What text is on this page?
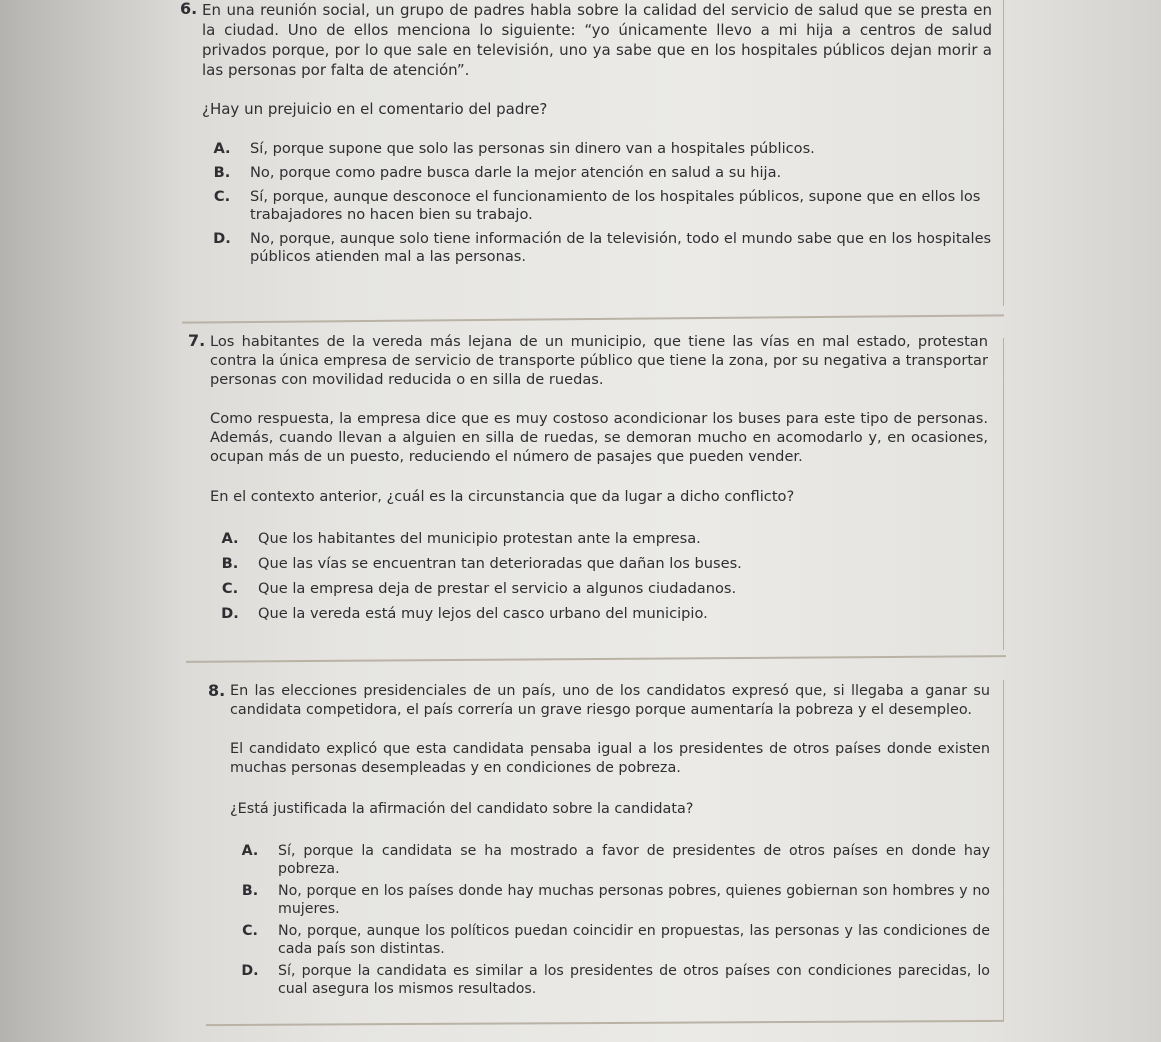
6. En una reunión social, un grupo de padres habla sobre la calidad del servicio de salud que se presta en la ciudad. Uno de ellos menciona lo siguiente: “yo únicamente llevo a mi hija a centros de salud privados porque, por lo que sale en televisión, uno ya sabe que en los hospitales públicos dejan morir a las personas por falta de atención”.
¿Hay un prejuicio en el comentario del padre?
A.	Sí, porque supone que solo las personas sin dinero van a hospitales públicos.
B.	No, porque como padre busca darle la mejor atención en salud a su hija.
C.	Sí, porque, aunque desconoce el funcionamiento de los hospitales públicos, supone que en ellos los trabajadores no hacen bien su trabajo.
D.	No, porque, aunque solo tiene información de la televisión, todo el mundo sabe que en los hospitales públicos atienden mal a las personas.
7. Los habitantes de la vereda más lejana de un municipio, que tiene las vías en mal estado, protestan contra la única empresa de servicio de transporte público que tiene la zona, por su negativa a transportar personas con movilidad reducida o en silla de ruedas.
Como respuesta, la empresa dice que es muy costoso acondicionar los buses para este tipo de personas. Además, cuando llevan a alguien en silla de ruedas, se demoran mucho en acomodarlo y, en ocasiones, ocupan más de un puesto, reduciendo el número de pasajes que pueden vender.
En el contexto anterior, ¿cuál es la circunstancia que da lugar a dicho conflicto?
A.	Que los habitantes del municipio protestan ante la empresa.
B.	Que las vías se encuentran tan deterioradas que dañan los buses.
C.	Que la empresa deja de prestar el servicio a algunos ciudadanos.
D.	Que la vereda está muy lejos del casco urbano del municipio.
8. En las elecciones presidenciales de un país, uno de los candidatos expresó que, si llegaba a ganar su candidata competidora, el país correría un grave riesgo porque aumentaría la pobreza y el desempleo.
El candidato explicó que esta candidata pensaba igual a los presidentes de otros países donde existen muchas personas desempleadas y en condiciones de pobreza.
¿Está justificada la afirmación del candidato sobre la candidata?
A.	Sí, porque la candidata se ha mostrado a favor de presidentes de otros países en donde hay pobreza.
B.	No, porque en los países donde hay muchas personas pobres, quienes gobiernan son hombres y no mujeres.
C.	No, porque, aunque los políticos puedan coincidir en propuestas, las personas y las condiciones de cada país son distintas.
D.	Sí, porque la candidata es similar a los presidentes de otros países con condiciones parecidas, lo cual asegura los mismos resultados.
